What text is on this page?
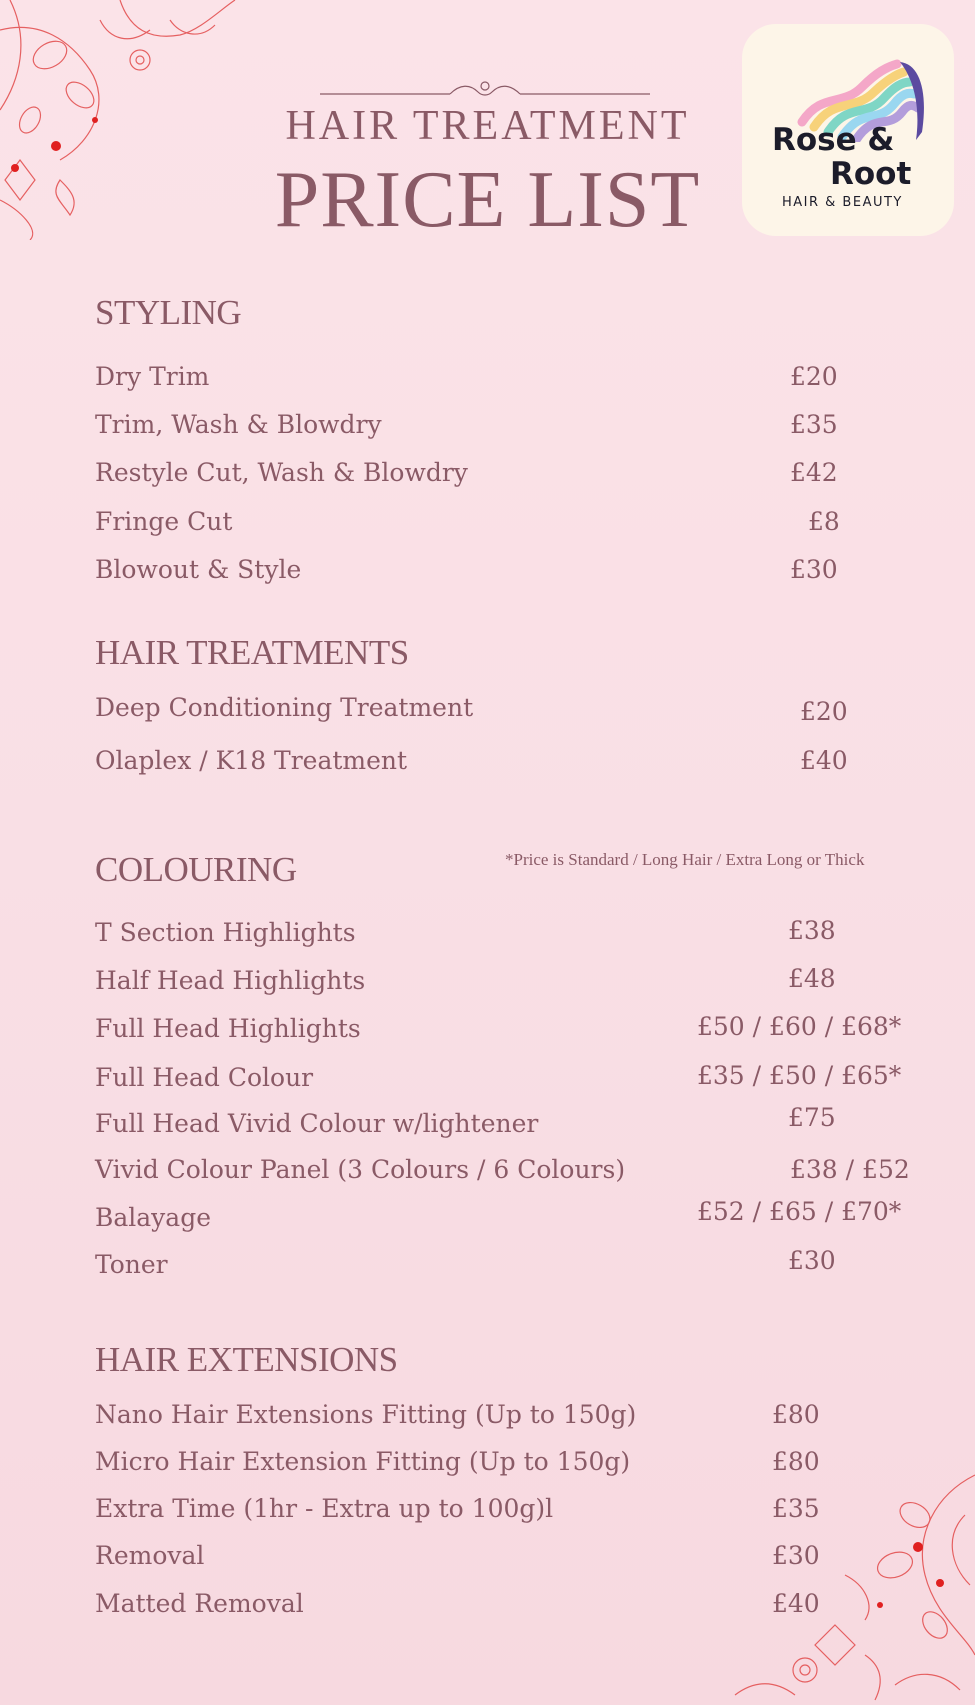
HAIR TREATMENT
PRICE LIST
Rose &
Root
HAIR & BEAUTY
STYLING
Dry Trim	£20
Trim, Wash & Blowdry	£35
Restyle Cut, Wash & Blowdry	£42
Fringe Cut	£8
Blowout & Style	£30
HAIR TREATMENTS
Deep Conditioning Treatment	£20
Olaplex / K18 Treatment	£40
COLOURING	*Price is Standard / Long Hair / Extra Long or Thick
T Section Highlights	£38
Half Head Highlights	£48
Full Head Highlights	£50 / £60 / £68*
Full Head Colour	£35 / £50 / £65*
Full Head Vivid Colour w/lightener	£75
Vivid Colour Panel (3 Colours / 6 Colours)	£38 / £52
Balayage	£52 / £65 / £70*
Toner	£30
HAIR EXTENSIONS
Nano Hair Extensions Fitting (Up to 150g)	£80
Micro Hair Extension Fitting (Up to 150g)	£80
Extra Time (1hr - Extra up to 100g)l	£35
Removal	£30
Matted Removal	£40
